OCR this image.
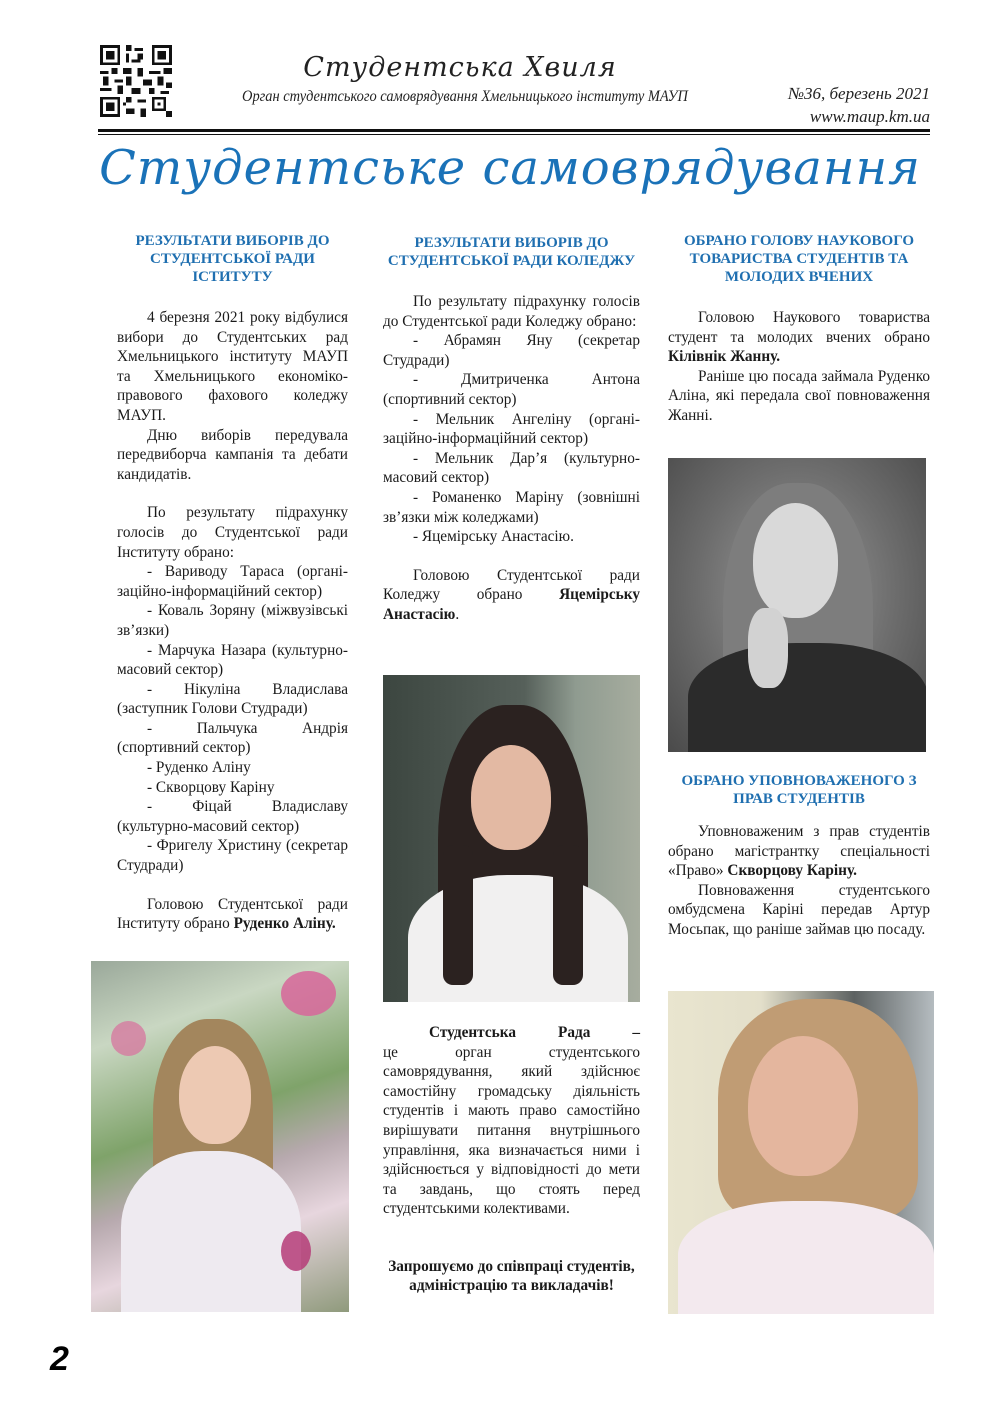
Студентська Хвиля
Орган студентського самоврядування Хмельницького інституту МАУП	№36, березень 2021
www.maup.km.ua
Студентське самоврядування

РЕЗУЛЬТАТИ ВИБОРІВ ДО СТУДЕНТСЬКОЇ РАДИ ІСТИТУТУ

4 березня 2021 року відбулися вибори до Студентських рад Хмельницького інституту МАУП та Хмельницького економіко-правового фахового коледжу МАУП.

Дню виборів передувала передвиборча кампанія та дебати кандидатів.

По результату підрахунку голосів до Студентської ради Інституту обрано:

- Вариводу Тараса (органі-заційно-інформаційний сектор)

- Коваль Зоряну (міжвузівські зв’язки)

- Марчука Назара (культурно-масовий сектор)

- Нікуліна Владислава (заступник Голови Студради)

- Пальчука Андрія (спортивний сектор)

- Руденко Аліну

- Скворцову Каріну

- Фіцай Владиславу (культурно-масовий сектор)

- Фригелу Христину (секретар Студради)

Головою Студентської ради Інституту обрано Руденко Аліну.

РЕЗУЛЬТАТИ ВИБОРІВ ДО СТУДЕНТСЬКОЇ РАДИ КОЛЕДЖУ

По результату підрахунку голосів до Студентської ради Коледжу обрано:

- Абрамян Яну (секретар Студради)

- Дмитриченка Антона (спортивний сектор)

- Мельник Ангеліну (органі-заційно-інформаційний сектор)

- Мельник Дар’я (культурно-масовий сектор)

- Романенко Маріну (зовнішні зв’язки між коледжами)

- Яцемірську Анастасію.

Головою Студентської ради Коледжу обрано Яцемірську Анастасію.

Студентська Рада –

це орган студентського самоврядування, який здійснює самостійну громадську діяльність студентів і мають право самостійно вирішувати питання внутрішнього управління, яка визначається ними і здійснюється у відповідності до мети та завдань, що стоять перед студентськими колективами.

Запрошуємо до співпраці студентів, адміністрацію та викладачів!

ОБРАНО ГОЛОВУ НАУКОВОГО ТОВАРИСТВА СТУДЕНТІВ ТА МОЛОДИХ ВЧЕНИХ

Головою Наукового товариства студент та молодих вчених обрано Кілівнік Жанну.

Раніше цю посада займала Руденко Аліна, які передала свої повноваження Жанні.

ОБРАНО УПОВНОВАЖЕНОГО З ПРАВ СТУДЕНТІВ

Уповноваженим з прав студентів обрано магістрантку спеціальності «Право» Скворцову Каріну.

Повноваження студентського омбудсмена Каріні передав Артур Мосьпак, що раніше займав цю посаду.

2
